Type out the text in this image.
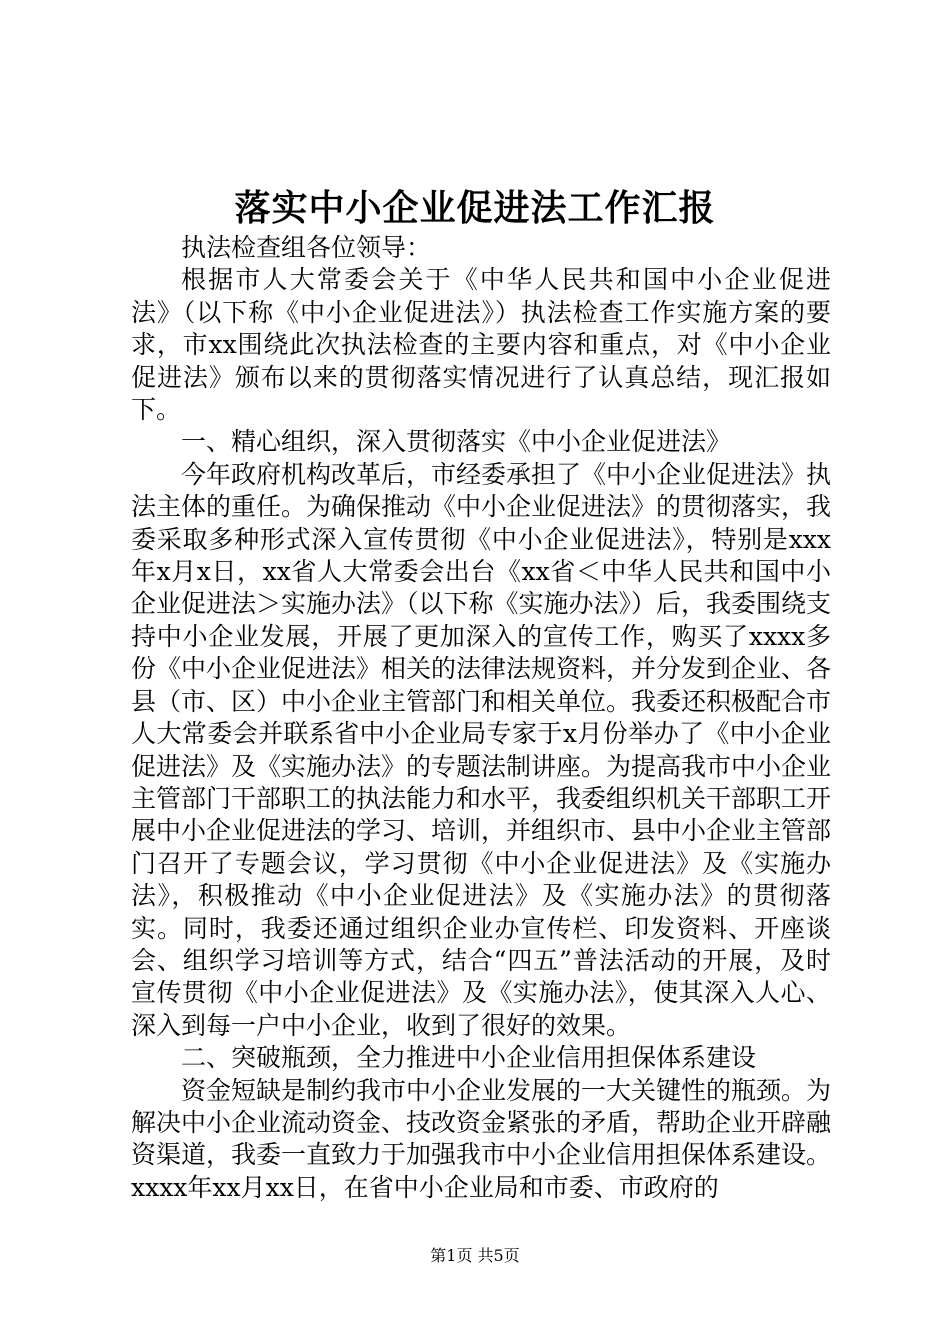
落实中小企业促进法工作汇报

执法检查组各位领导：

根据市人大常委会关于《中华人民共和国中小企业促进法》（以下称《中小企业促进法》）执法检查工作实施方案的要求，市xx围绕此次执法检查的主要内容和重点，对《中小企业促进法》颁布以来的贯彻落实情况进行了认真总结，现汇报如下。

一、精心组织，深入贯彻落实《中小企业促进法》

今年政府机构改革后，市经委承担了《中小企业促进法》执法主体的重任。为确保推动《中小企业促进法》的贯彻落实，我委采取多种形式深入宣传贯彻《中小企业促进法》，特别是xxx年x月x日，xx省人大常委会出台《xx省＜中华人民共和国中小企业促进法＞实施办法》（以下称《实施办法》）后，我委围绕支持中小企业发展，开展了更加深入的宣传工作，购买了xxxx多份《中小企业促进法》相关的法律法规资料，并分发到企业、各县（市、区）中小企业主管部门和相关单位。我委还积极配合市人大常委会并联系省中小企业局专家于x月份举办了《中小企业促进法》及《实施办法》的专题法制讲座。为提高我市中小企业主管部门干部职工的执法能力和水平，我委组织机关干部职工开展中小企业促进法的学习、培训，并组织市、县中小企业主管部门召开了专题会议，学习贯彻《中小企业促进法》及《实施办法》，积极推动《中小企业促进法》及《实施办法》的贯彻落实。同时，我委还通过组织企业办宣传栏、印发资料、开座谈会、组织学习培训等方式，结合“四五”普法活动的开展，及时宣传贯彻《中小企业促进法》及《实施办法》，使其深入人心、深入到每一户中小企业，收到了很好的效果。

二、突破瓶颈，全力推进中小企业信用担保体系建设

资金短缺是制约我市中小企业发展的一大关键性的瓶颈。为解决中小企业流动资金、技改资金紧张的矛盾，帮助企业开辟融资渠道，我委一直致力于加强我市中小企业信用担保体系建设。xxxx年xx月xx日，在省中小企业局和市委、市政府的

第1页 共5页
